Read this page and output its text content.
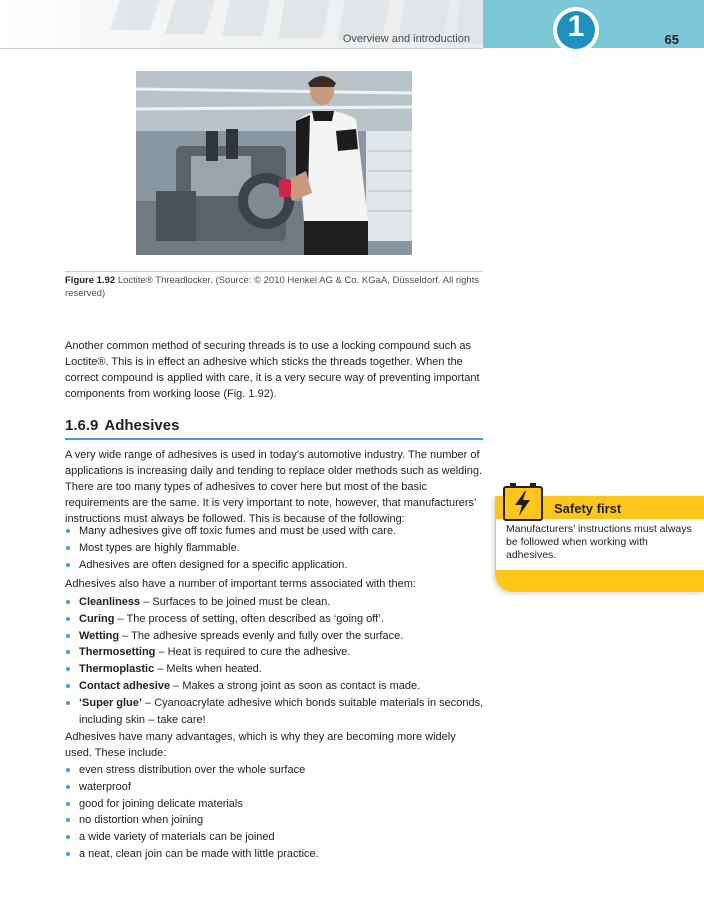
Overview and introduction	1	65
Figure 1.92 Loctite® Threadlocker. (Source: © 2010 Henkel AG & Co. KGaA, Düsseldorf. All rights reserved)

Another common method of securing threads is to use a locking compound such as Loctite®. This is in effect an adhesive which sticks the threads together. When the correct compound is applied with care, it is a very secure way of preventing important components from working loose (Fig. 1.92).

1.6.9 Adhesives

A very wide range of adhesives is used in today’s automotive industry. The number of applications is increasing daily and tending to replace older methods such as welding. There are too many types of adhesives to cover here but most of the basic requirements are the same. It is very important to note, however, that manufacturers’ instructions must always be followed. This is because of the following:

Many adhesives give off toxic fumes and must be used with care.
Most types are highly flammable.
Adhesives are often designed for a specific application.

Adhesives also have a number of important terms associated with them:

Cleanliness – Surfaces to be joined must be clean.
Curing – The process of setting, often described as ‘going off’.
Wetting – The adhesive spreads evenly and fully over the surface.
Thermosetting – Heat is required to cure the adhesive.
Thermoplastic – Melts when heated.
Contact adhesive – Makes a strong joint as soon as contact is made.
‘Super glue’ – Cyanoacrylate adhesive which bonds suitable materials in seconds, including skin – take care!

Adhesives have many advantages, which is why they are becoming more widely used. These include:

even stress distribution over the whole surface
waterproof
good for joining delicate materials
no distortion when joining
a wide variety of materials can be joined
a neat, clean join can be made with little practice.
Safety first
Manufacturers’ instructions must always be followed when working with adhesives.
